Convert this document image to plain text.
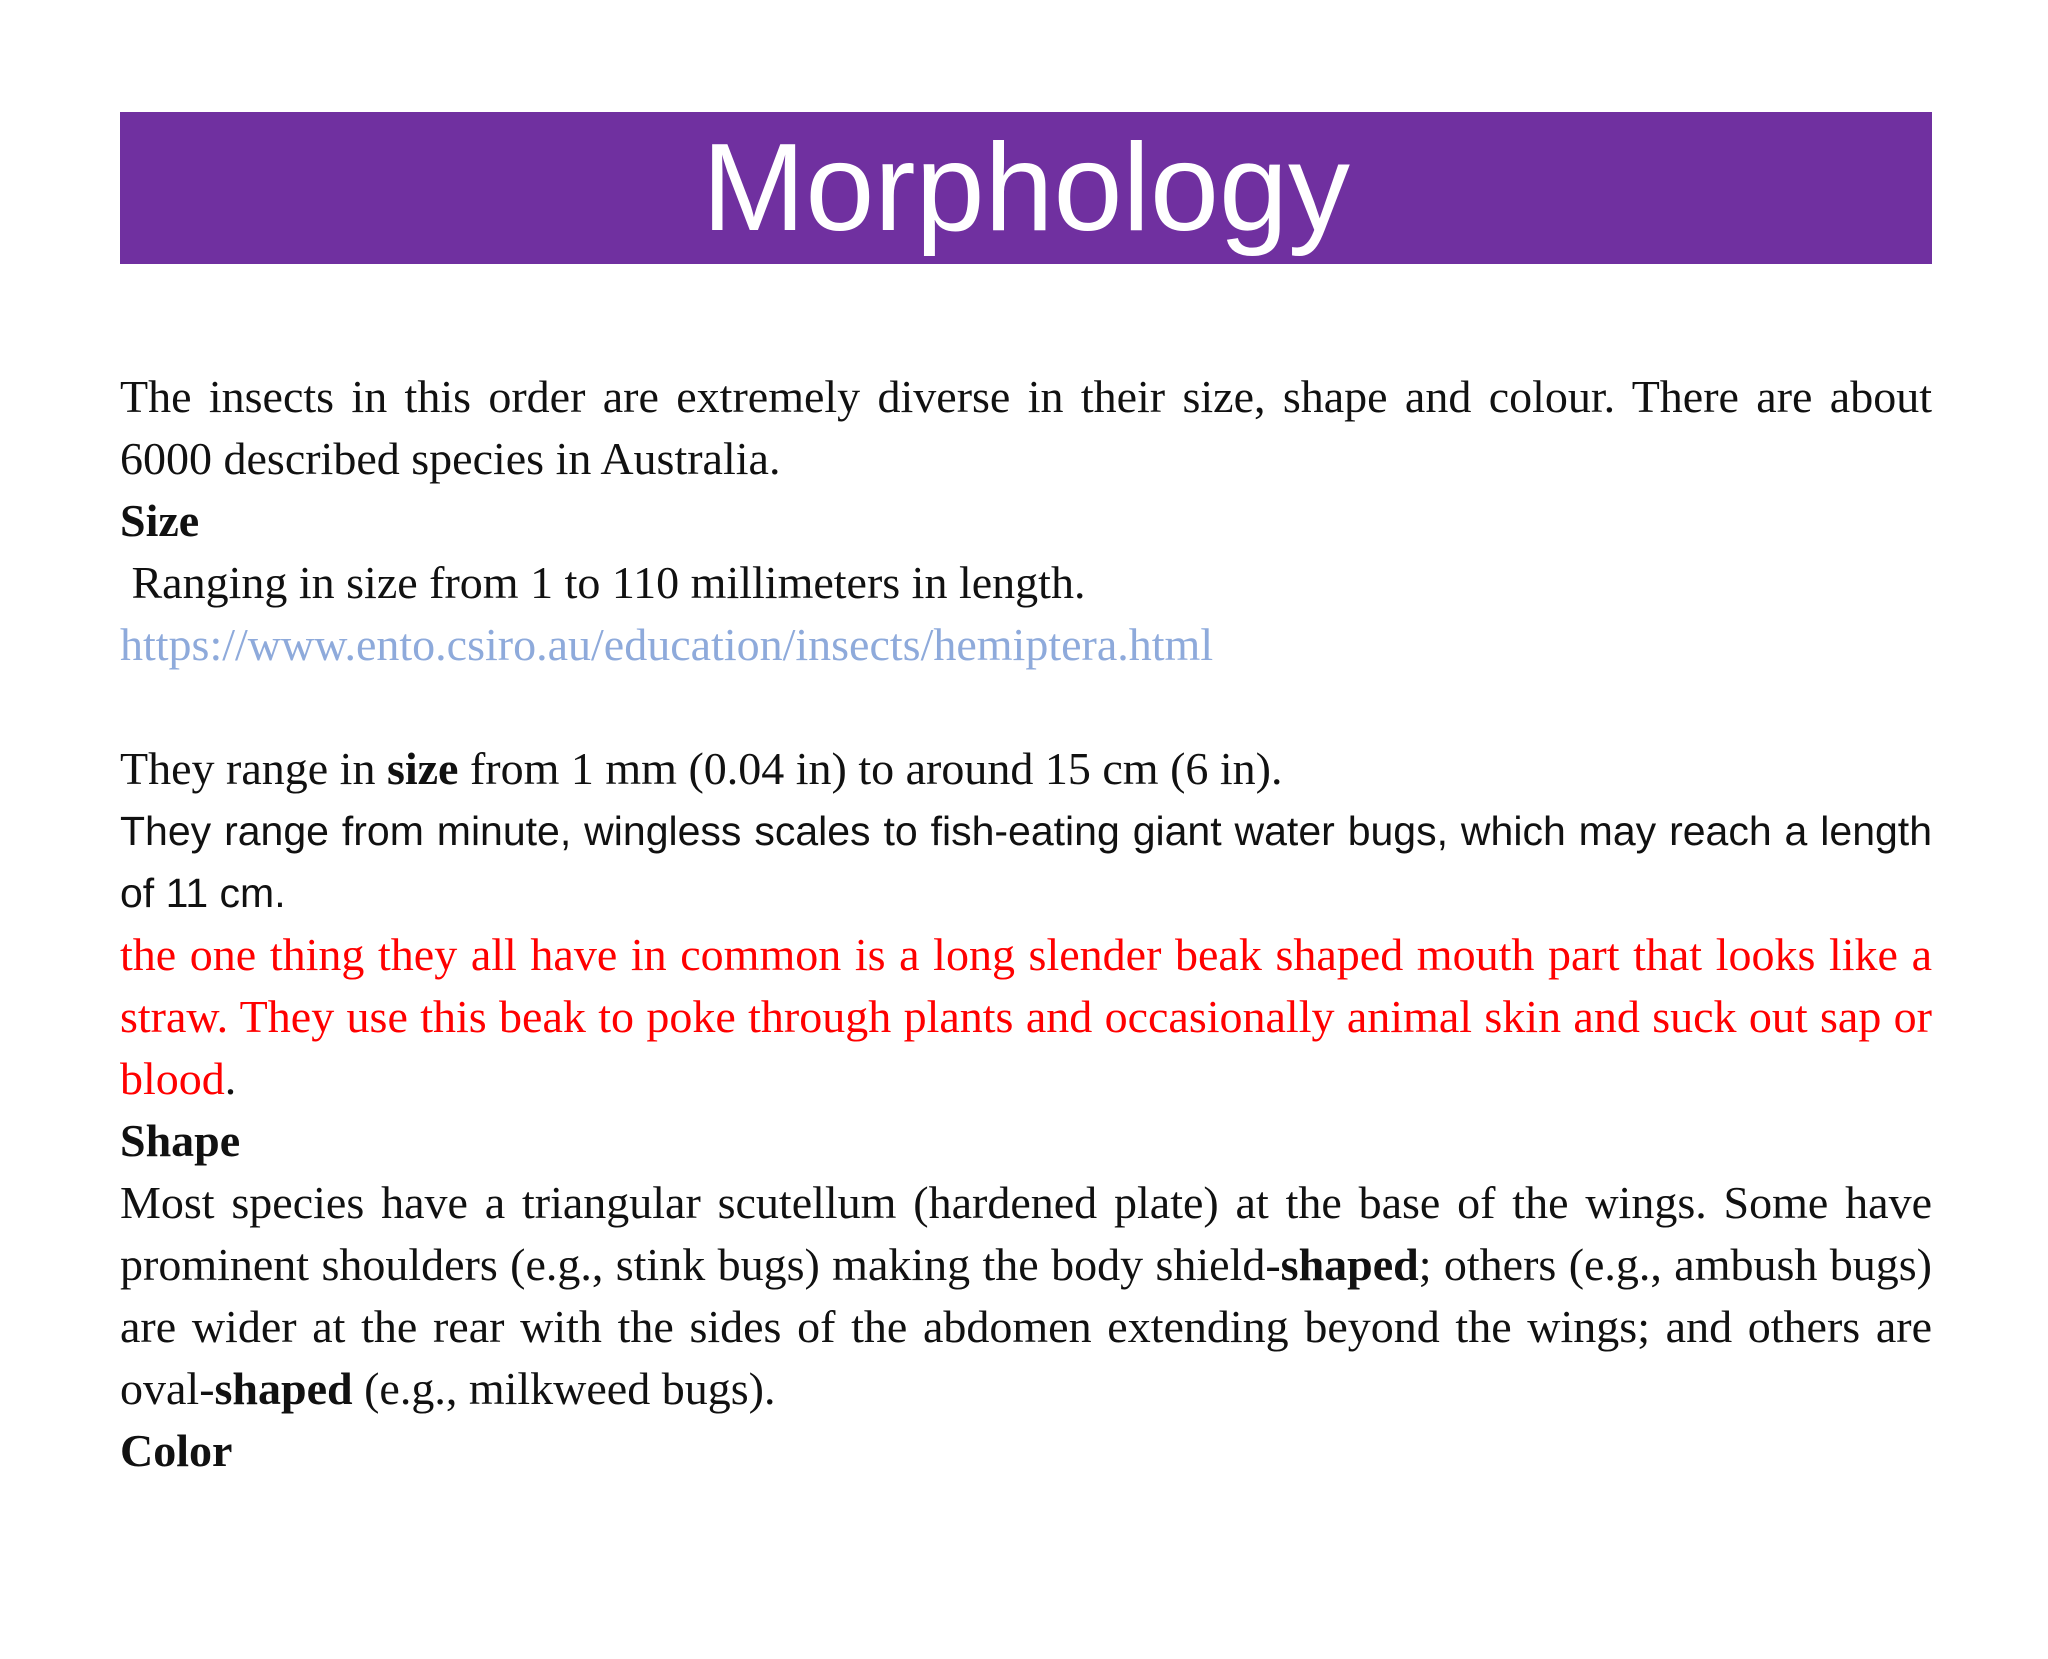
Morphology

The insects in this order are extremely diverse in their size, shape and colour. There are about 6000 described species in Australia.

Size

Ranging in size from 1 to 110 millimeters in length.

https://www.ento.csiro.au/education/insects/hemiptera.html

They range in size from 1 mm (0.04 in) to around 15 cm (6 in).

They range from minute, wingless scales to fish-eating giant water bugs, which may reach a length of 11 cm.

the one thing they all have in common is a long slender beak shaped mouth part that looks like a straw. They use this beak to poke through plants and occasionally animal skin and suck out sap or blood.

Shape

Most species have a triangular scutellum (hardened plate) at the base of the wings. Some have prominent shoulders (e.g., stink bugs) making the body shield-shaped; others (e.g., ambush bugs) are wider at the rear with the sides of the abdomen extending beyond the wings; and others are oval-shaped (e.g., milkweed bugs).

Color
